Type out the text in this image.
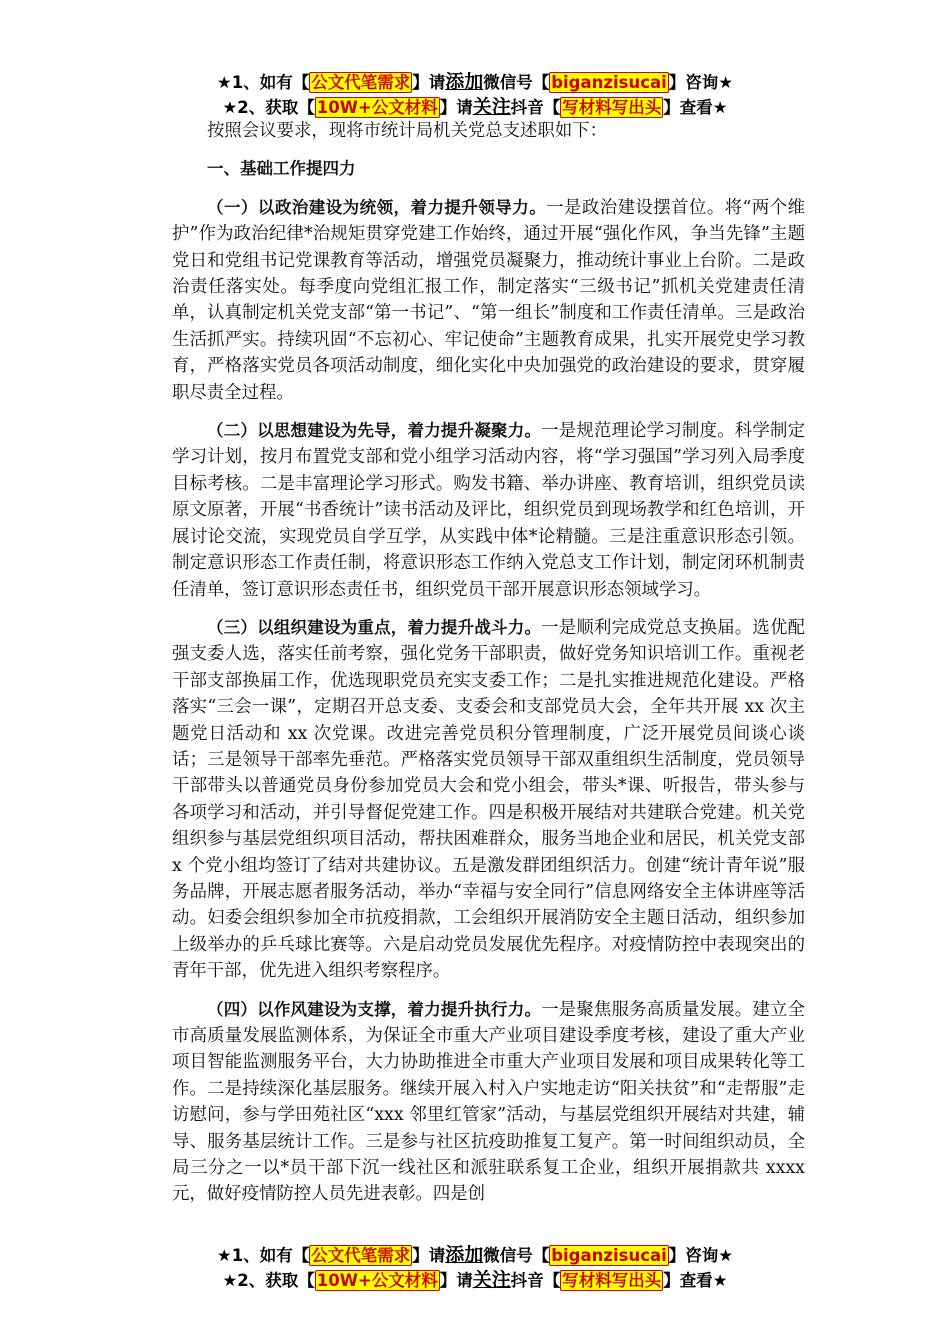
★1、如有【 公文代笔需求 】请添加微信号【 biganzisucai 】咨询★
★2、获取【 10W+公文材料 】请关注抖音【 写材料写出头 】查看★

按照会议要求，现将市统计局机关党总支述职如下：

一、基础工作提四力

（一）以政治建设为统领，着力提升领导力。一是政治建设摆首位。将“两个维护”作为政治纪律*治规矩贯穿党建工作始终，通过开展“强化作风，争当先锋”主题党日和党组书记党课教育等活动，增强党员凝聚力，推动统计事业上台阶。二是政治责任落实处。每季度向党组汇报工作，制定落实“三级书记”抓机关党建责任清单，认真制定机关党支部“第一书记”、“第一组长”制度和工作责任清单。三是政治生活抓严实。持续巩固“不忘初心、牢记使命”主题教育成果，扎实开展党史学习教育，严格落实党员各项活动制度，细化实化中央加强党的政治建设的要求，贯穿履职尽责全过程。

（二）以思想建设为先导，着力提升凝聚力。一是规范理论学习制度。科学制定学习计划，按月布置党支部和党小组学习活动内容，将“学习强国”学习列入局季度目标考核。二是丰富理论学习形式。购发书籍、举办讲座、教育培训，组织党员读原文原著，开展“书香统计”读书活动及评比，组织党员到现场教学和红色培训，开展讨论交流，实现党员自学互学，从实践中体*论精髓。三是注重意识形态引领。制定意识形态工作责任制，将意识形态工作纳入党总支工作计划，制定闭环机制责任清单，签订意识形态责任书，组织党员干部开展意识形态领域学习。

（三）以组织建设为重点，着力提升战斗力。一是顺利完成党总支换届。选优配强支委人选，落实任前考察，强化党务干部职责，做好党务知识培训工作。重视老干部支部换届工作，优选现职党员充实支委工作；二是扎实推进规范化建设。严格落实“三会一课”，定期召开总支委、支委会和支部党员大会，全年共开展 xx 次主题党日活动和 xx 次党课。改进完善党员积分管理制度，广泛开展党员间谈心谈话；三是领导干部率先垂范。严格落实党员领导干部双重组织生活制度，党员领导干部带头以普通党员身份参加党员大会和党小组会，带头*课、听报告，带头参与各项学习和活动，并引导督促党建工作。四是积极开展结对共建联合党建。机关党组织参与基层党组织项目活动，帮扶困难群众，服务当地企业和居民，机关党支部 x 个党小组均签订了结对共建协议。五是激发群团组织活力。创建“统计青年说”服务品牌，开展志愿者服务活动，举办“幸福与安全同行”信息网络安全主体讲座等活动。妇委会组织参加全市抗疫捐款，工会组织开展消防安全主题日活动，组织参加上级举办的乒乓球比赛等。六是启动党员发展优先程序。对疫情防控中表现突出的青年干部，优先进入组织考察程序。

（四）以作风建设为支撑，着力提升执行力。一是聚焦服务高质量发展。建立全市高质量发展监测体系，为保证全市重大产业项目建设季度考核，建设了重大产业项目智能监测服务平台，大力协助推进全市重大产业项目发展和项目成果转化等工作。二是持续深化基层服务。继续开展入村入户实地走访“阳关扶贫”和“走帮服”走访慰问，参与学田苑社区“xxx 邻里红管家”活动，与基层党组织开展结对共建，辅导、服务基层统计工作。三是参与社区抗疫助推复工复产。第一时间组织动员，全局三分之一以*员干部下沉一线社区和派驻联系复工企业，组织开展捐款共 xxxx 元，做好疫情防控人员先进表彰。四是创

★1、如有【 公文代笔需求 】请添加微信号【 biganzisucai 】咨询★
★2、获取【 10W+公文材料 】请关注抖音【 写材料写出头 】查看★
